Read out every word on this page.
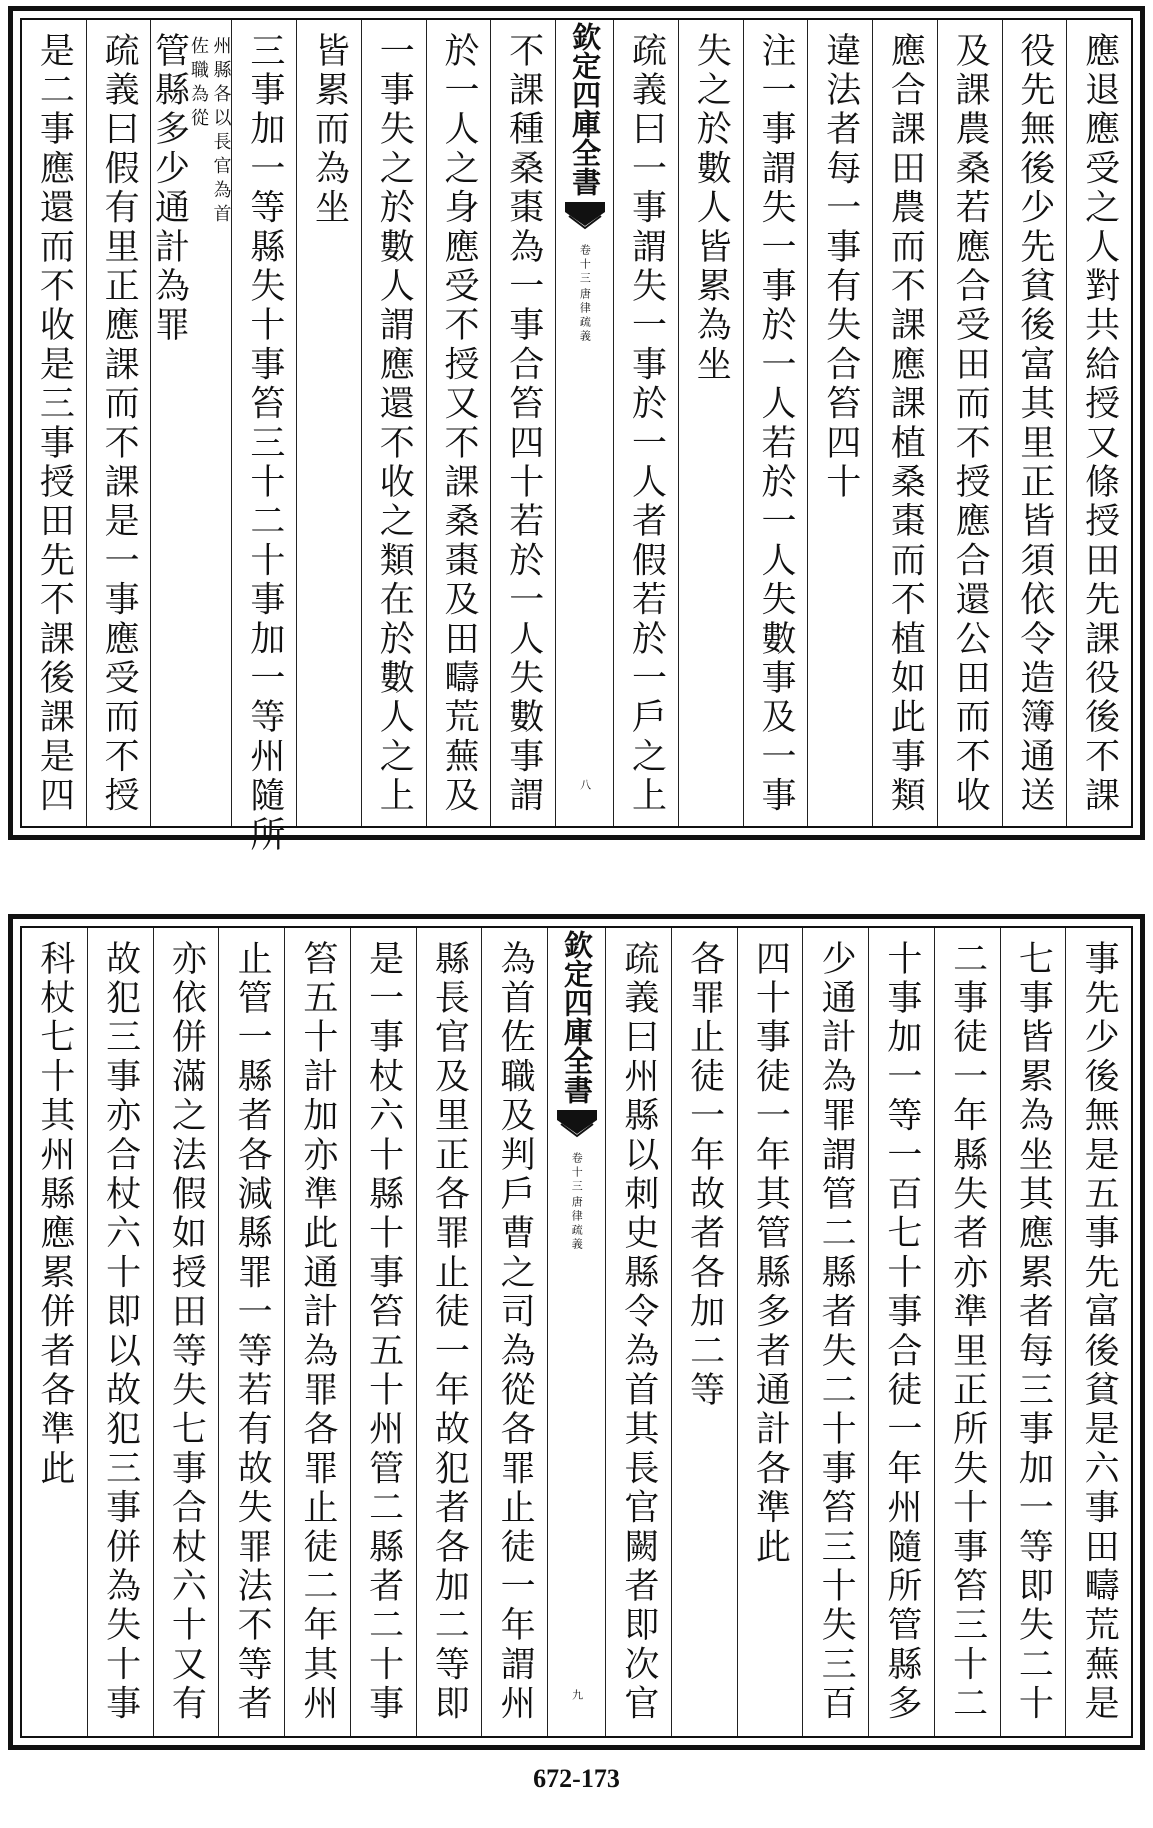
應退應受之人對共給授又條授田先課役後不課
役先無後少先貧後富其里正皆須依令造簿通送
及課農桑若應合受田而不授應合還公田而不收
應合課田農而不課應課植桑棗而不植如此事類
違法者每一事有失合笞四十
注一事謂失一事於一人若於一人失數事及一事
失之於數人皆累為坐
疏義曰一事謂失一事於一人者假若於一戶之上
欽定四庫全書
卷十三
唐律疏義
八
不課種桑棗為一事合笞四十若於一人失數事謂
於一人之身應受不授又不課桑棗及田疇荒蕪及
一事失之於數人謂應還不收之類在於數人之上
皆累而為坐
三事加一等縣失十事笞三十二十事加一等州隨所
管縣多少通計為罪	州縣各以長官為首佐職為從
疏義曰假有里正應課而不課是一事應受而不授
是二事應還而不收是三事授田先不課後課是四
事先少後無是五事先富後貧是六事田疇荒蕪是
七事皆累為坐其應累者每三事加一等即失二十
二事徒一年縣失者亦準里正所失十事笞三十二
十事加一等一百七十事合徒一年州隨所管縣多
少通計為罪謂管二縣者失二十事笞三十失三百
四十事徒一年其管縣多者通計各準此
各罪止徒一年故者各加二等
疏義曰州縣以刺史縣令為首其長官闕者即次官
欽定四庫全書
卷十三
唐律疏義
九
為首佐職及判戶曹之司為從各罪止徒一年謂州
縣長官及里正各罪止徒一年故犯者各加二等即
是一事杖六十縣十事笞五十州管二縣者二十事
笞五十計加亦準此通計為罪各罪止徒二年其州
止管一縣者各減縣罪一等若有故失罪法不等者
亦依併滿之法假如授田等失七事合杖六十又有
故犯三事亦合杖六十即以故犯三事併為失十事
科杖七十其州縣應累併者各準此
672-173
